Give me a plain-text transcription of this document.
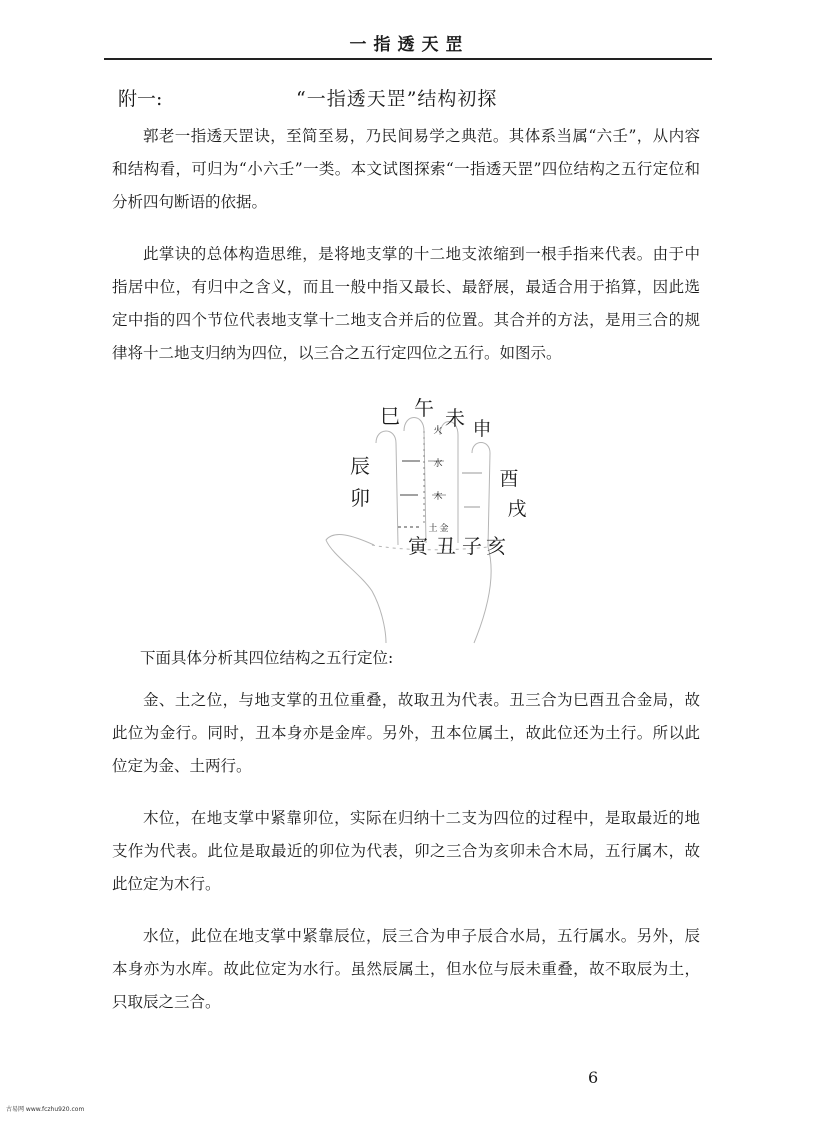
一指透天罡
附一:	“一指透天罡”结构初探

郭老一指透天罡诀，至简至易，乃民间易学之典范。其体系当属“六壬”，从内容和结构看，可归为“小六壬”一类。本文试图探索“一指透天罡”四位结构之五行定位和分析四句断语的依据。

此掌诀的总体构造思维，是将地支掌的十二地支浓缩到一根手指来代表。由于中指居中位，有归中之含义，而且一般中指又最长、最舒展，最适合用于掐算，因此选定中指的四个节位代表地支掌十二地支合并后的位置。其合并的方法，是用三合的规律将十二地支归纳为四位，以三合之五行定四位之五行。如图示。

巳 午 未 申
辰
酉
卯	戌
寅 丑 子 亥
火
水
木
土 金

下面具体分析其四位结构之五行定位:

金、土之位，与地支掌的丑位重叠，故取丑为代表。丑三合为巳酉丑合金局，故此位为金行。同时，丑本身亦是金库。另外，丑本位属土，故此位还为土行。所以此位定为金、土两行。

木位，在地支掌中紧靠卯位，实际在归纳十二支为四位的过程中，是取最近的地支作为代表。此位是取最近的卯位为代表，卯之三合为亥卯未合木局，五行属木，故此位定为木行。

水位，此位在地支掌中紧靠辰位，辰三合为申子辰合水局，五行属水。另外，辰本身亦为水库。故此位定为水行。虽然辰属土，但水位与辰未重叠，故不取辰为土，只取辰之三合。

6
古易网 www.fczhu920.com
